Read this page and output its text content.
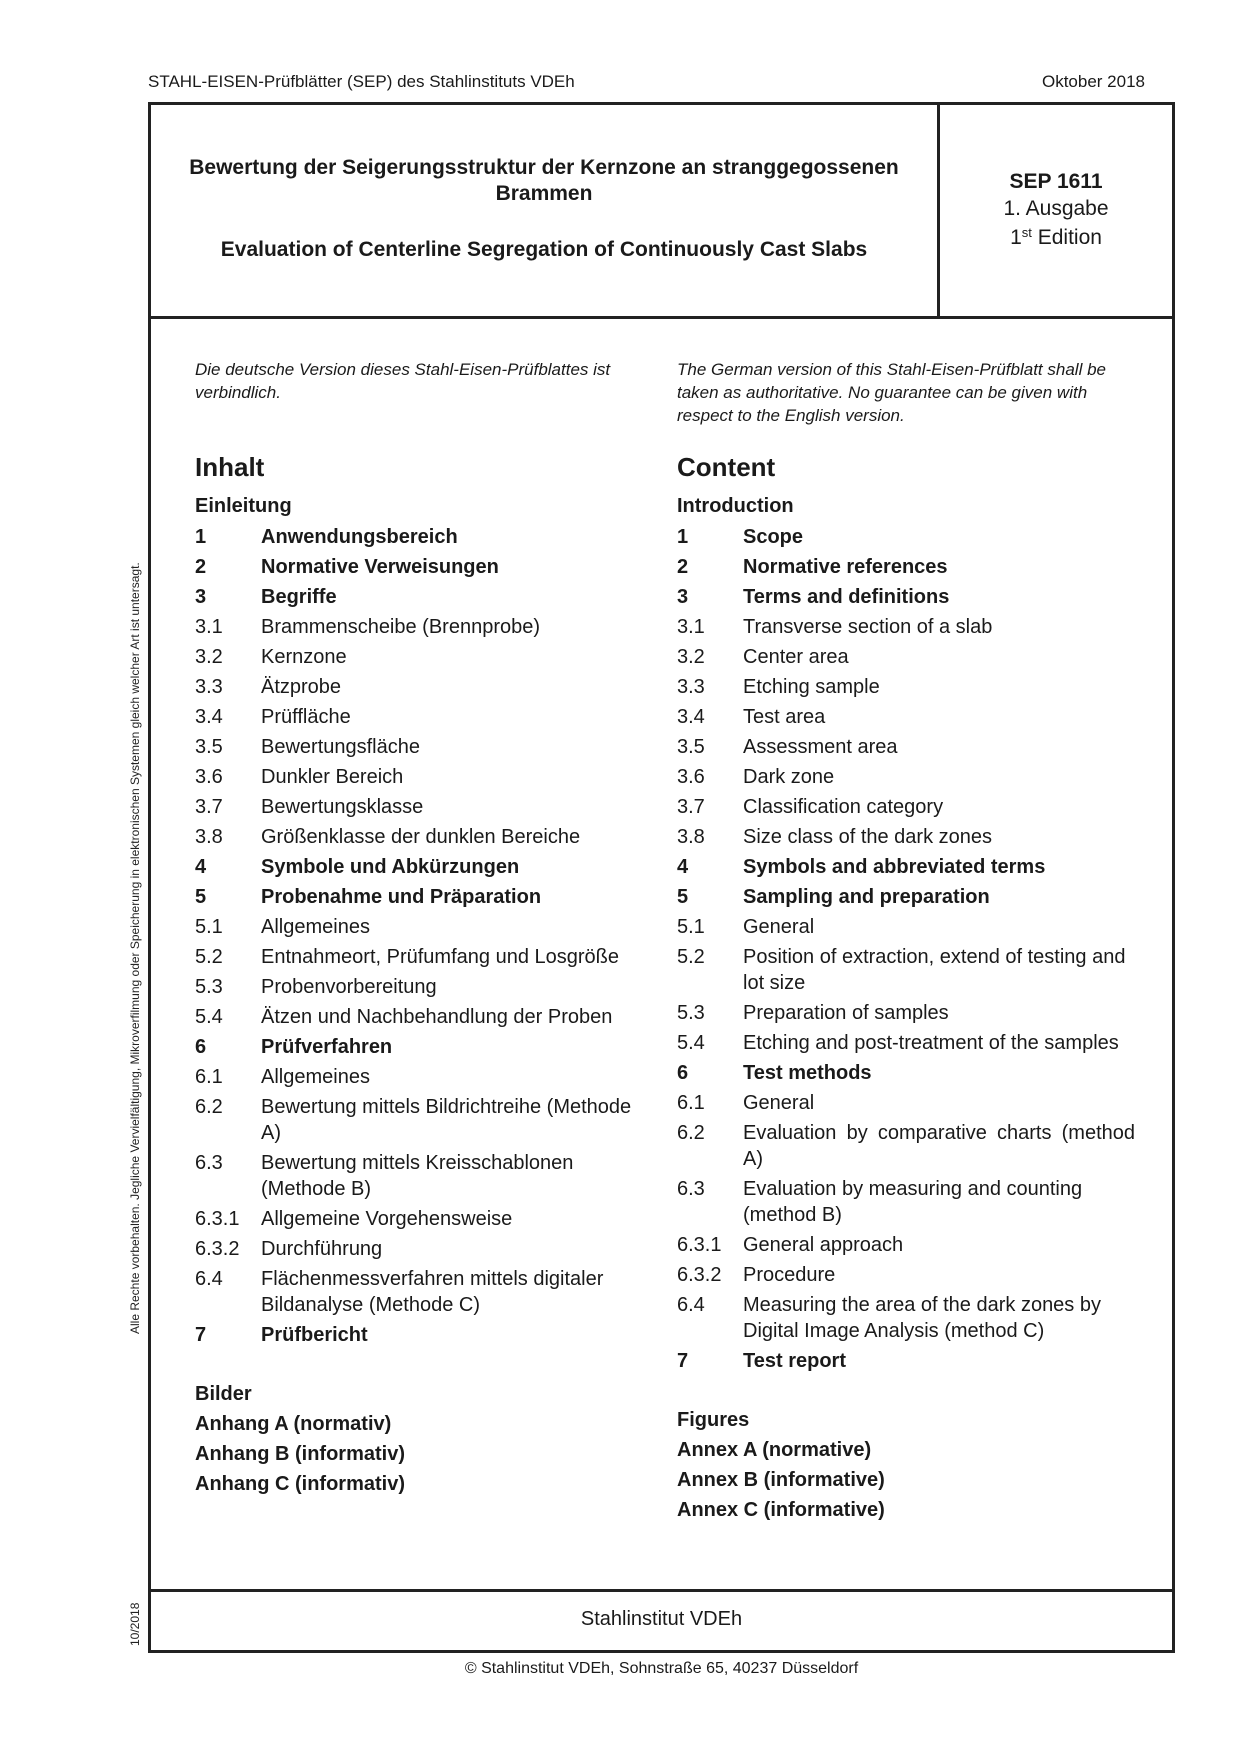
STAHL-EISEN-Prüfblätter (SEP) des Stahlinstituts VDEh	Oktober 2018
Alle Rechte vorbehalten. Jegliche Vervielfältigung, Mikroverfilmung oder Speicherung in elektronischen Systemen gleich welcher Art ist untersagt.
10/2018
Bewertung der Seigerungsstruktur der Kernzone an stranggegossenen Brammen
Evaluation of Centerline Segregation of Continuously Cast Slabs
SEP 1611
1. Ausgabe
1st Edition
Stahlinstitut VDEh
Die deutsche Version dieses Stahl-Eisen-Prüfblattes ist verbindlich.
Inhalt
Einleitung
1	Anwendungsbereich
2	Normative Verweisungen
3	Begriffe
3.1	Brammenscheibe (Brennprobe)
3.2	Kernzone
3.3	Ätzprobe
3.4	Prüffläche
3.5	Bewertungsfläche
3.6	Dunkler Bereich
3.7	Bewertungsklasse
3.8	Größenklasse der dunklen Bereiche
4	Symbole und Abkürzungen
5	Probenahme und Präparation
5.1	Allgemeines
5.2	Entnahmeort, Prüfumfang und Losgröße
5.3	Probenvorbereitung
5.4	Ätzen und Nachbehandlung der Proben
6	Prüfverfahren
6.1	Allgemeines
6.2	Bewertung mittels Bildrichtreihe (Methode A)
6.3	Bewertung mittels Kreisschablonen (Methode B)
6.3.1	Allgemeine Vorgehensweise
6.3.2	Durchführung
6.4	Flächenmessverfahren mittels digitaler Bildanalyse (Methode C)
7	Prüfbericht
Bilder
Anhang A (normativ)
Anhang B (informativ)
Anhang C (informativ)
The German version of this Stahl-Eisen-Prüfblatt shall be taken as authoritative. No guarantee can be given with respect to the English version.
Content
Introduction
1	Scope
2	Normative references
3	Terms and definitions
3.1	Transverse section of a slab
3.2	Center area
3.3	Etching sample
3.4	Test area
3.5	Assessment area
3.6	Dark zone
3.7	Classification category
3.8	Size class of the dark zones
4	Symbols and abbreviated terms
5	Sampling and preparation
5.1	General
5.2	Position of extraction, extend of testing and lot size
5.3	Preparation of samples
5.4	Etching and post-treatment of the samples
6	Test methods
6.1	General
6.2	Evaluation by comparative charts (method A)
6.3	Evaluation by measuring and counting (method B)
6.3.1	General approach
6.3.2	Procedure
6.4	Measuring the area of the dark zones by Digital Image Analysis (method C)
7	Test report
Figures
Annex A (normative)
Annex B (informative)
Annex C (informative)
© Stahlinstitut VDEh, Sohnstraße 65, 40237 Düsseldorf
